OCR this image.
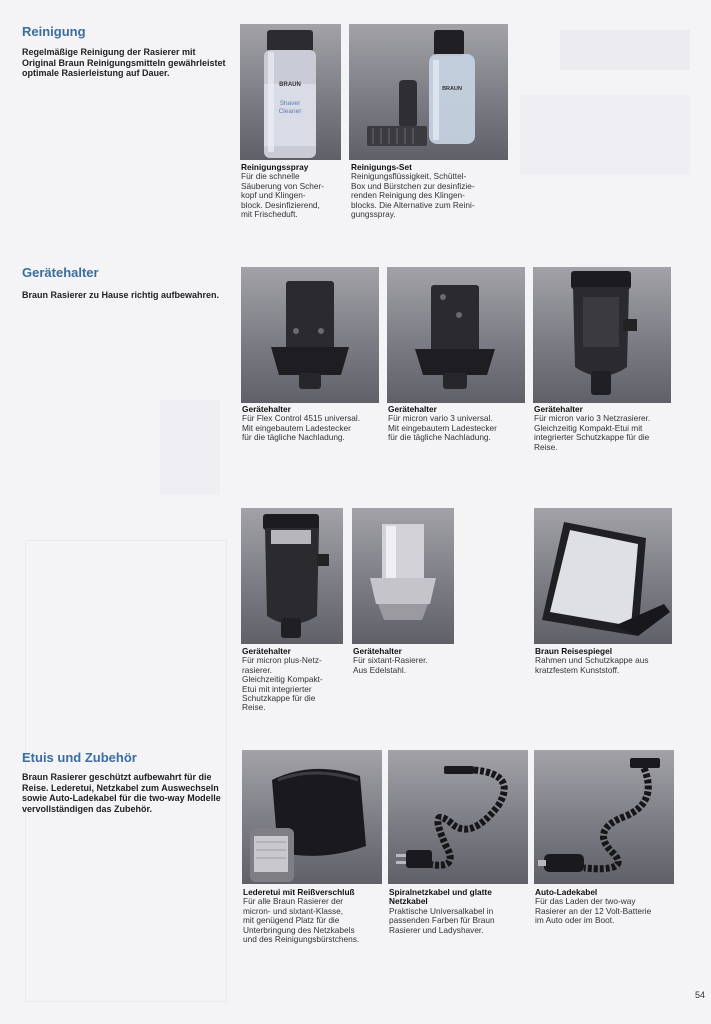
Reinigung

Regelmäßige Reinigung der Rasierer mit Original Braun Reinigungsmitteln gewährleistet optimale Rasierleistung auf Dauer.

BRAUN
Shaver
Cleaner
BRAUN
Reinigungsspray
Für die schnelle
Säuberung von Scher-
kopf und Klingen-
block. Desinfizierend,
mit Frischeduft.
Reinigungs-Set
Reinigungsflüssigkeit, Schüttel-
Box und Bürstchen zur desinfizie-
renden Reinigung des Klingen-
blocks. Die Alternative zum Reini-
gungsspray.
Gerätehalter

Braun Rasierer zu Hause richtig aufbewahren.

Gerätehalter
Für Flex Control 4515 universal.
Mit eingebautem Ladestecker
für die tägliche Nachladung.
Gerätehalter
Für micron vario 3 universal.
Mit eingebautem Ladestecker
für die tägliche Nachladung.
Gerätehalter
Für micron vario 3 Netzrasierer.
Gleichzeitig Kompakt-Etui mit
integrierter Schutzkappe für die
Reise.
Gerätehalter
Für micron plus-Netz-
rasierer.
Gleichzeitig Kompakt-
Etui mit integrierter
Schutzkappe für die
Reise.
Gerätehalter
Für sixtant-Rasierer.
Aus Edelstahl.
Braun Reisespiegel
Rahmen und Schutzkappe aus
kratzfestem Kunststoff.
Etuis und Zubehör

Braun Rasierer geschützt aufbewahrt für die Reise. Lederetui, Netzkabel zum Auswechseln sowie Auto-Ladekabel für die two-way Modelle vervollständigen das Zubehör.

Lederetui mit Reißverschluß
Für alle Braun Rasierer der
micron- und sixtant-Klasse,
mit genügend Platz für die
Unterbringung des Netzkabels
und des Reinigungsbürstchens.
Spiralnetzkabel und glatte Netzkabel
Praktische Universalkabel in
passenden Farben für Braun
Rasierer und Ladyshaver.
Auto-Ladekabel
Für das Laden der two-way
Rasierer an der 12 Volt-Batterie
im Auto oder im Boot.
54
